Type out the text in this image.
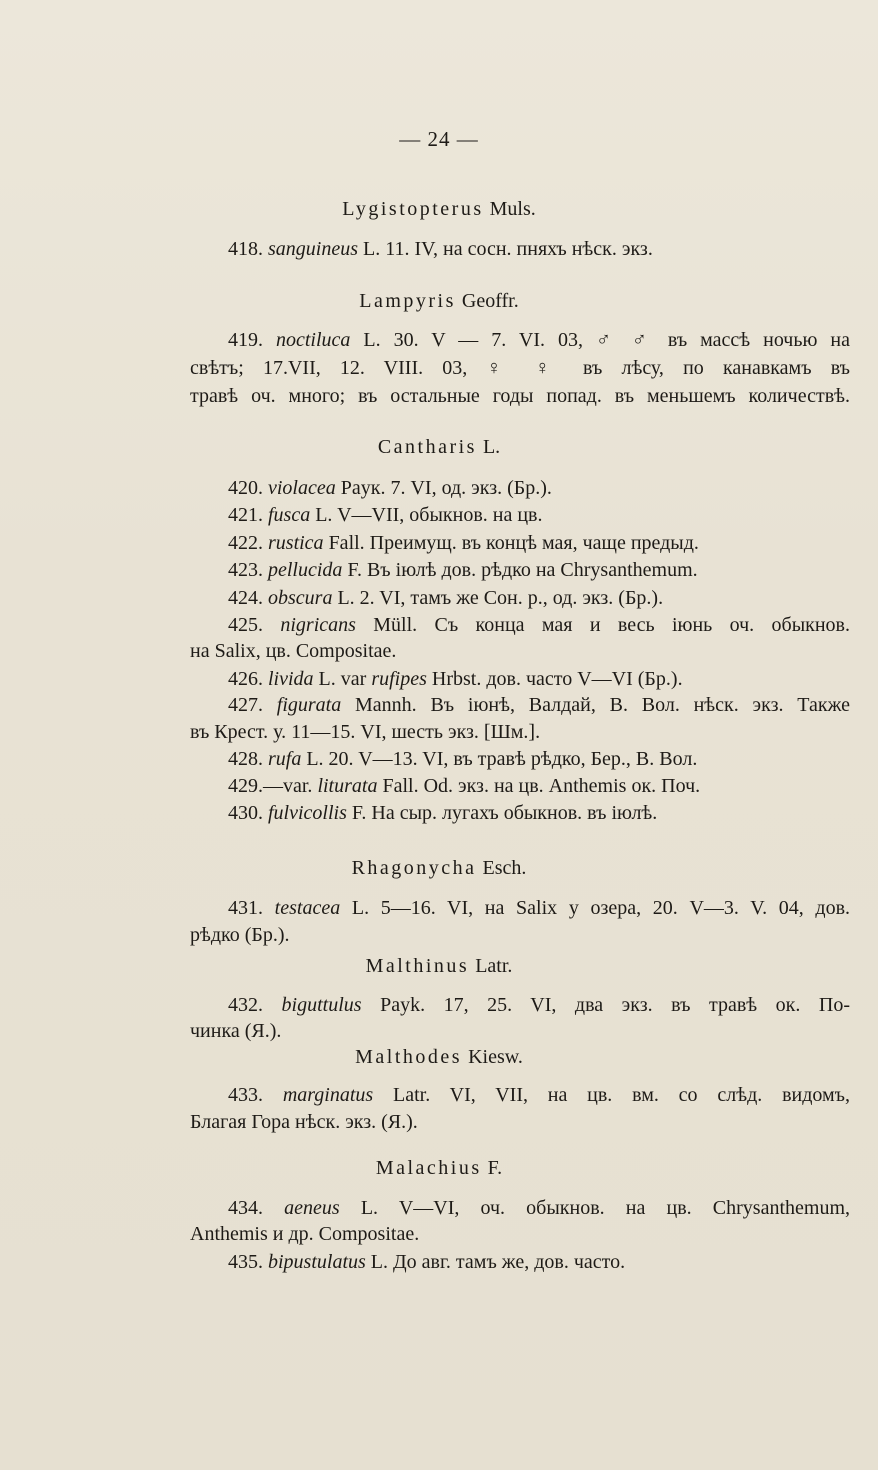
— 24 —
Lygistopterus Muls.
418. sanguineus L. 11. IV, на сосн. пняхъ нѣск. экз.
Lampyris Geoffr.
419. noctiluca L. 30. V — 7. VI. 03, ♂ ♂ въ массѣ ночью на
свѣтъ; 17.VII, 12. VIII. 03, ♀ ♀ въ лѣсу, по канавкамъ въ
травѣ оч. много; въ остальные годы попад. въ меньшемъ количествѣ.
Cantharis L.
420. violacea Рayк. 7. VI, од. экз. (Бр.).
421. fusca L. V—VII, обыкнов. на цв.
422. rustica Fall. Преимущ. въ концѣ мая, чаще предыд.
423. pellucida F. Въ іюлѣ дов. рѣдко на Chrysanthemum.
424. obscura L. 2. VI, тамъ же Сон. р., од. экз. (Бр.).
425. nigricans Müll. Съ конца мая и весь іюнь оч. обыкнов.
на Salix, цв. Compositae.
426. livida L. var rufipes Hrbst. дов. часто V—VI (Бр.).
427. figurata Mannh. Въ іюнѣ, Валдай, В. Вол. нѣск. экз. Также
въ Крест. у. 11—15. VI, шесть экз. [Шм.].
428. rufa L. 20. V—13. VI, въ травѣ рѣдко, Бер., В. Вол.
429.—var. liturata Fall. Od. экз. на цв. Anthemis ок. Поч.
430. fulvicollis F. На сыр. лугахъ обыкнов. въ іюлѣ.
Rhagonycha Esch.
431. testacea L. 5—16. VI, на Salix у озера, 20. V—3. V. 04, дов.
рѣдко (Бр.).
Malthinus Latr.
432. biguttulus Payk. 17, 25. VI, два экз. въ травѣ ок. По-
чинка (Я.).
Malthodes Kiesw.
433. marginatus Latr. VI, VII, на цв. вм. со слѣд. видомъ,
Благая Гора нѣск. экз. (Я.).
Malachius F.
434. aeneus L. V—VI, оч. обыкнов. на цв. Chrysanthemum,
Anthemis и др. Compositae.
435. bipustulatus L. До авг. тамъ же, дов. часто.
